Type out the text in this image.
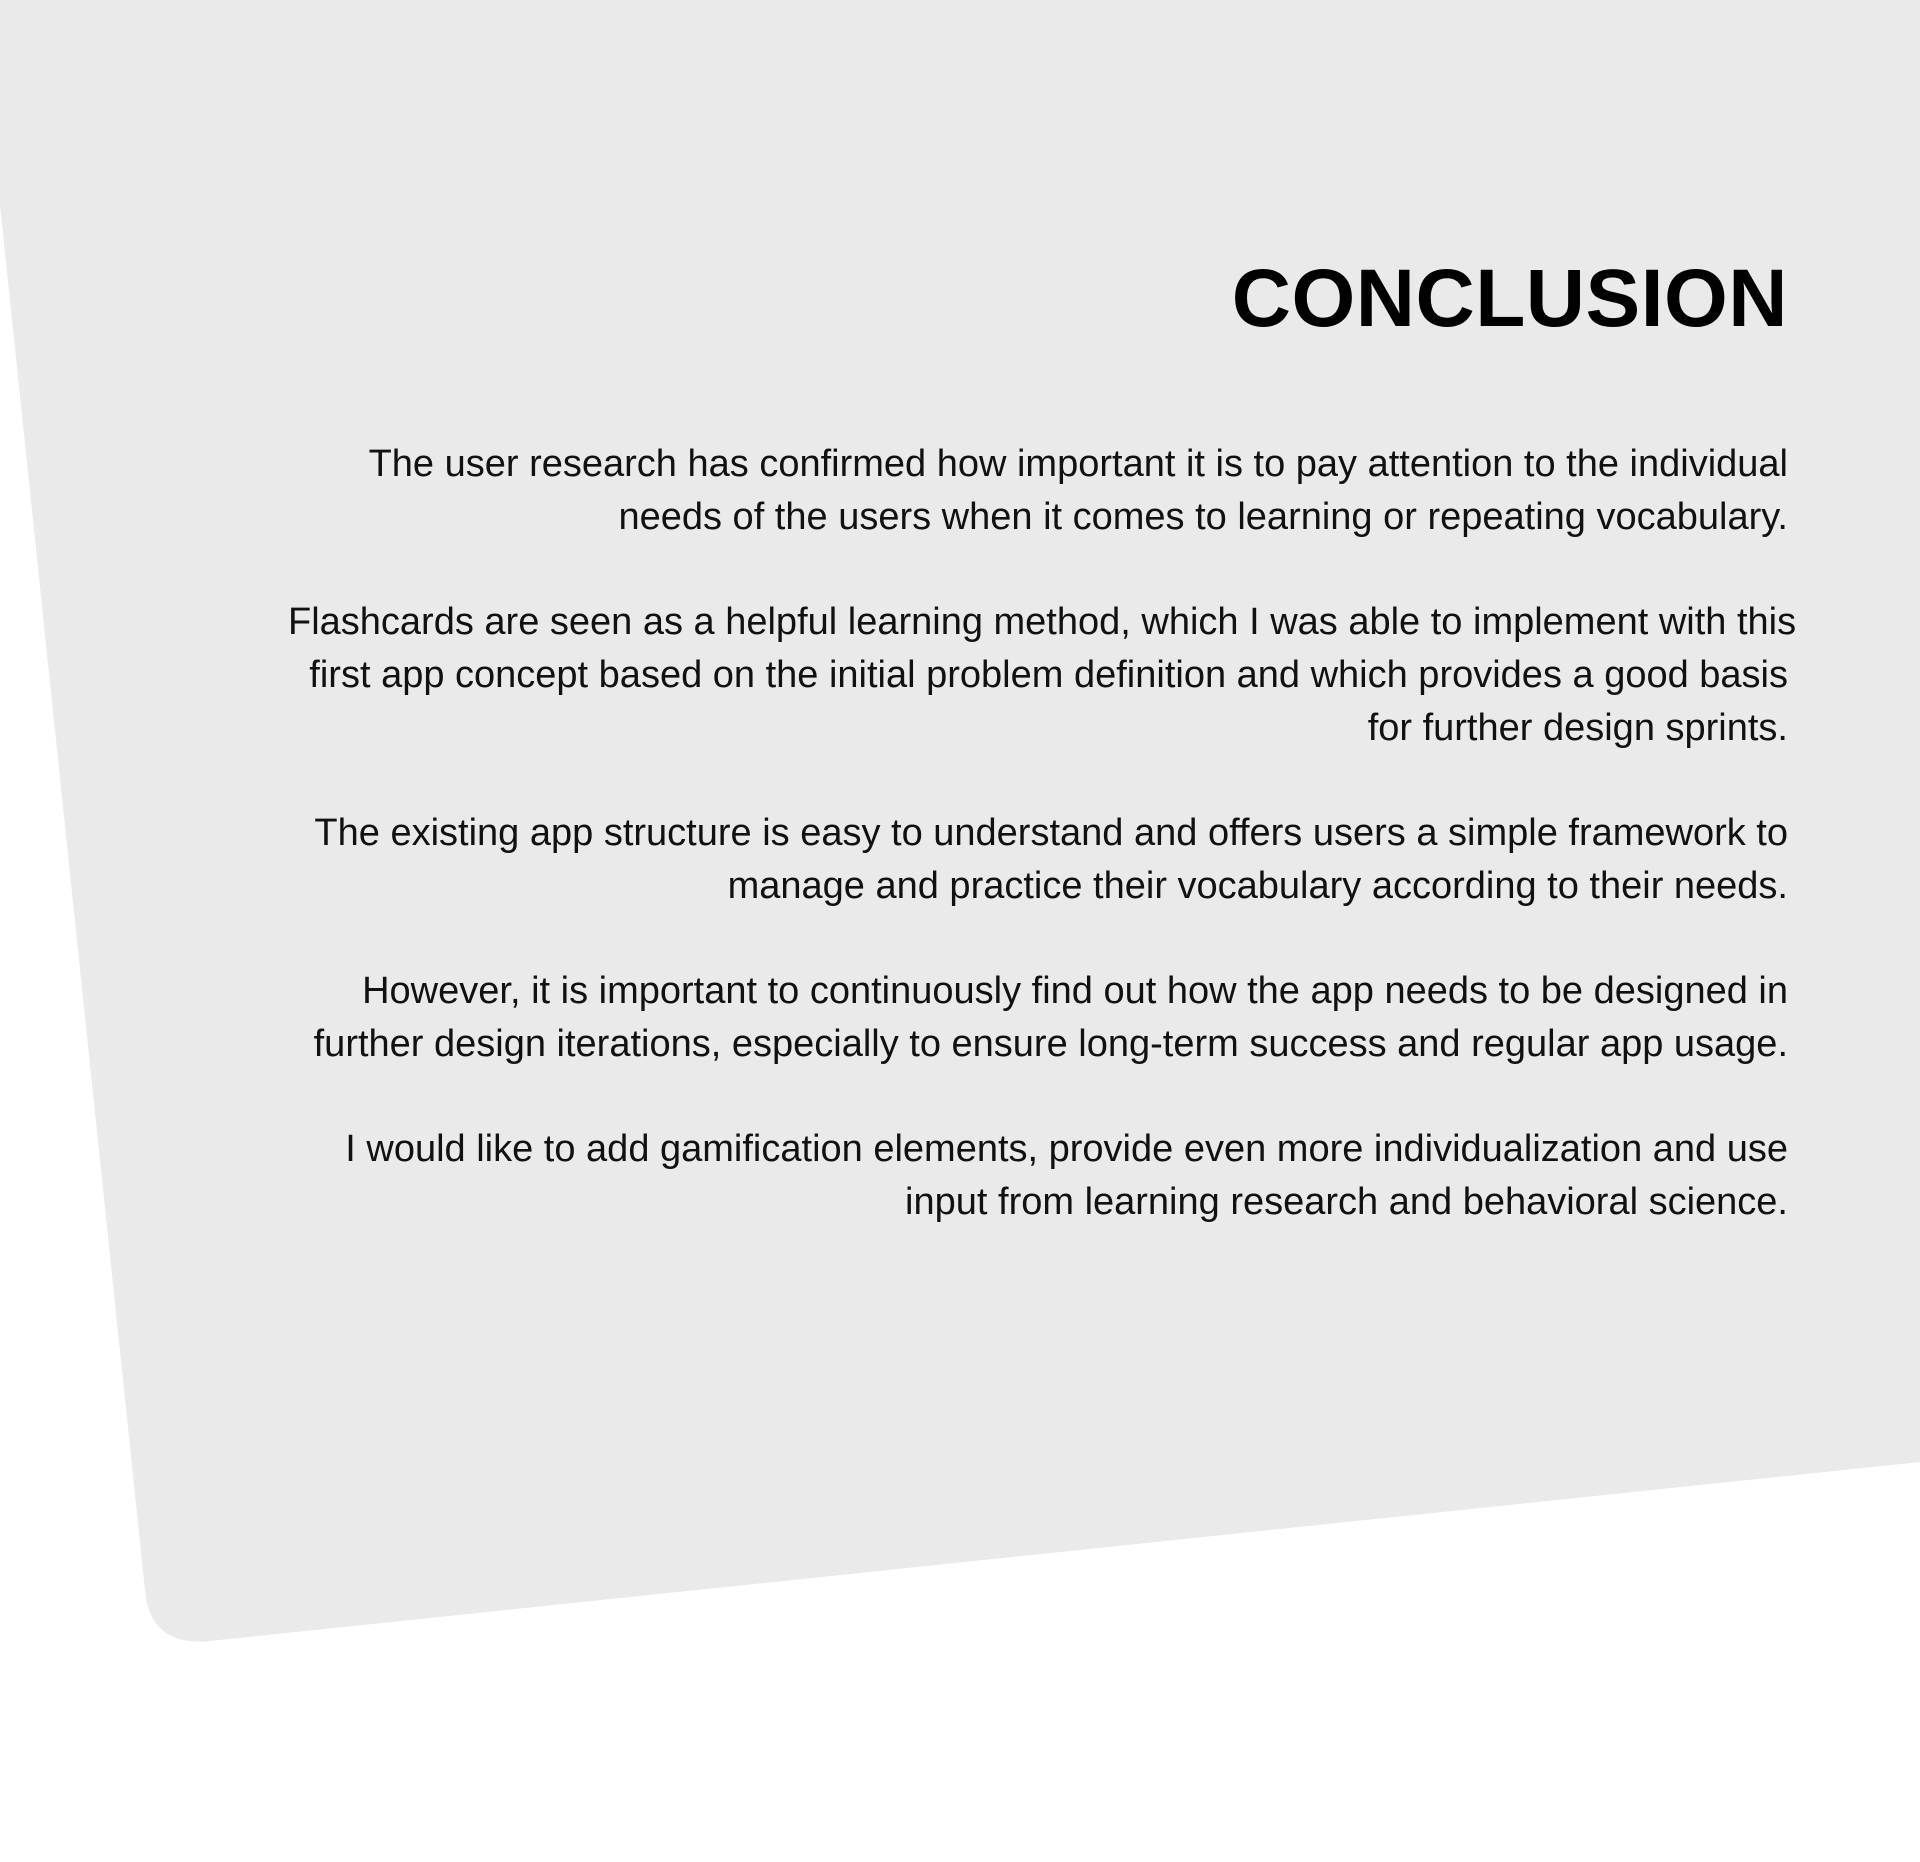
CONCLUSION

The user research has confirmed how important it is to pay attention to the individual
needs of the users when it comes to learning or repeating vocabulary.

Flashcards are seen as a helpful learning method, which I was able to implement with this
first app concept based on the initial problem definition and which provides a good basis
for further design sprints.

The existing app structure is easy to understand and offers users a simple framework to
manage and practice their vocabulary according to their needs.

However, it is important to continuously find out how the app needs to be designed in
further design iterations, especially to ensure long-term success and regular app usage.

I would like to add gamification elements, provide even more individualization and use
input from learning research and behavioral science.
